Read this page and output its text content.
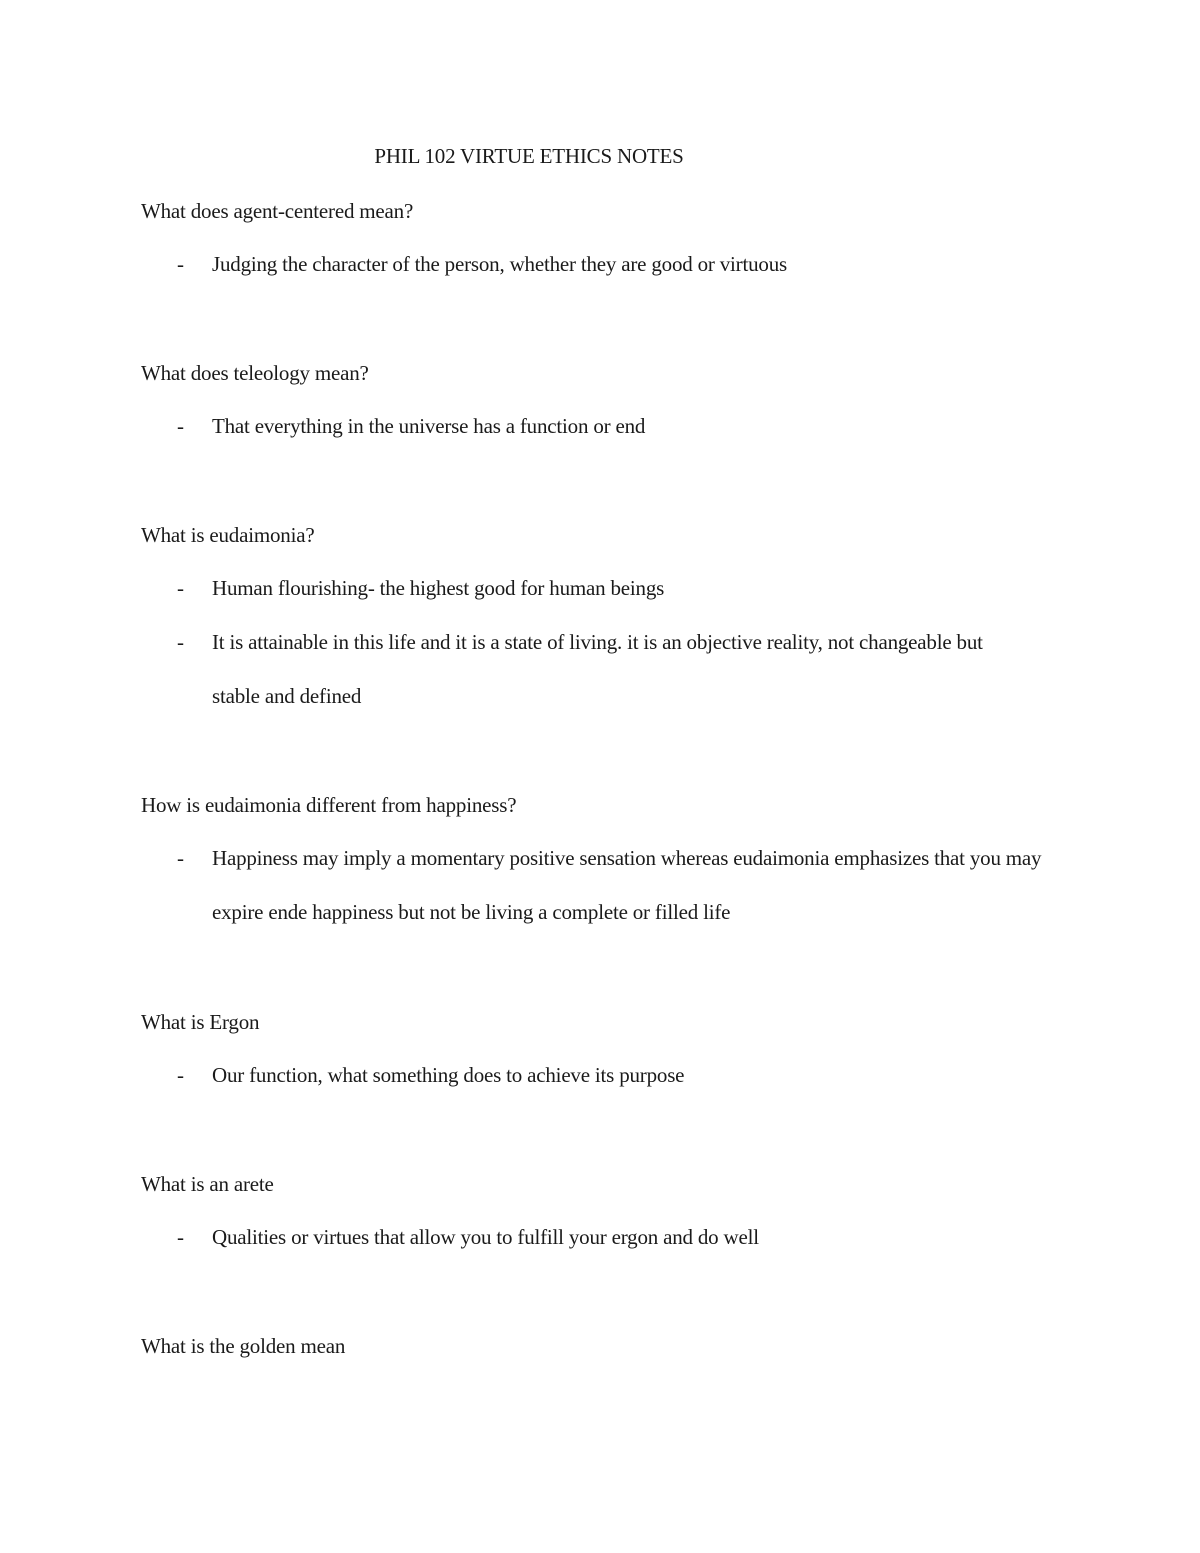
PHIL 102 VIRTUE ETHICS NOTES
What does agent-centered mean?
- Judging the character of the person, whether they are good or virtuous
What does teleology mean?
- That everything in the universe has a function or end
What is eudaimonia?
- Human flourishing- the highest good for human beings
- It is attainable in this life and it is a state of living. it is an objective reality, not changeable but stable and defined
How is eudaimonia different from happiness?
- Happiness may imply a momentary positive sensation whereas eudaimonia emphasizes that you may expire ende happiness but not be living a complete or filled life
What is Ergon
- Our function, what something does to achieve its purpose
What is an arete
- Qualities or virtues that allow you to fulfill your ergon and do well
What is the golden mean
